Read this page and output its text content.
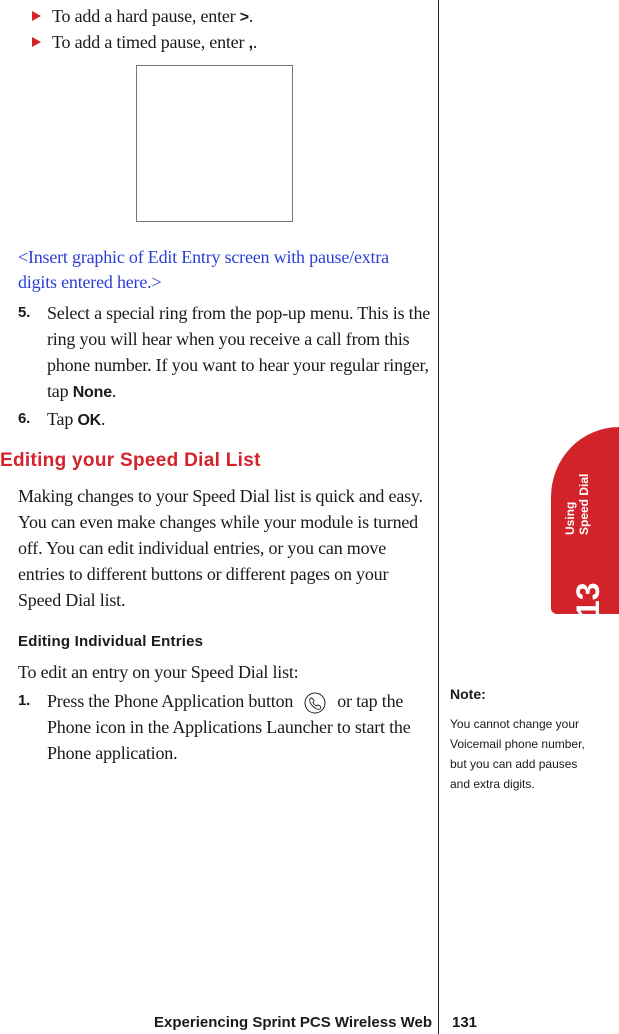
To add a hard pause, enter >.
To add a timed pause, enter ,.
<Insert graphic of Edit Entry screen with pause/extra digits entered here.>
5. Select a special ring from the pop-up menu. This is the ring you will hear when you receive a call from this phone number. If you want to hear your regular ringer, tap None.
6. Tap OK.
Editing your Speed Dial List
Making changes to your Speed Dial list is quick and easy. You can even make changes while your module is turned off. You can edit individual entries, or you can move entries to different buttons or different pages on your Speed Dial list.
Editing Individual Entries
To edit an entry on your Speed Dial list:
1. Press the Phone Application button or tap the Phone icon in the Applications Launcher to start the Phone application.
Using Speed Dial
13
Note:
You cannot change your Voicemail phone number, but you can add pauses and extra digits.
Experiencing Sprint PCS Wireless Web 131
